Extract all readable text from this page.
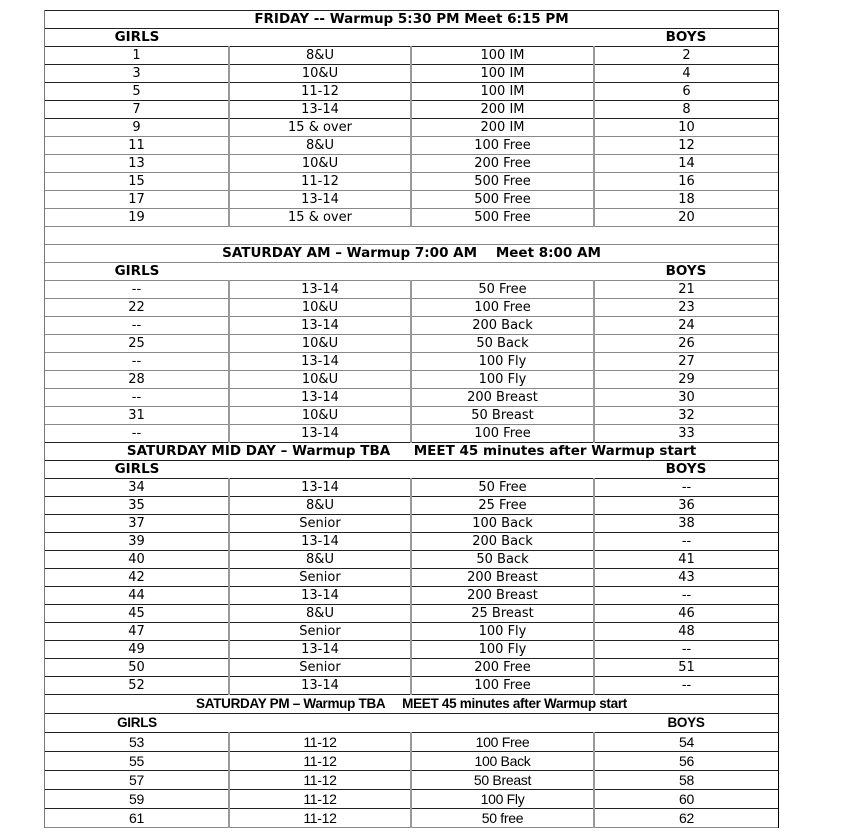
FRIDAY -- Warmup 5:30 PM Meet 6:15 PM			
GIRLS BOYS			
1	8&U	100 IM	2
3	10&U	100 IM	4
5	11-12	100 IM	6
7	13-14	200 IM	8
9	15 & over	200 IM	10
11	8&U	100 Free	12
13	10&U	200 Free	14
15	11-12	500 Free	16
17	13-14	500 Free	18
19	15 & over	500 Free	20

SATURDAY AM – Warmup 7:00 AM    Meet 8:00 AM			
GIRLS BOYS			
--	13-14	50 Free	21
22	10&U	100 Free	23
--	13-14	200 Back	24
25	10&U	50 Back	26
--	13-14	100 Fly	27
28	10&U	100 Fly	29
--	13-14	200 Breast	30
31	10&U	50 Breast	32
--	13-14	100 Free	33
SATURDAY MID DAY – Warmup TBA     MEET 45 minutes after Warmup start			
GIRLS BOYS			
34	13-14	50 Free	--
35	8&U	25 Free	36
37	Senior	100 Back	38
39	13-14	200 Back	--
40	8&U	50 Back	41
42	Senior	200 Breast	43
44	13-14	200 Breast	--
45	8&U	25 Breast	46
47	Senior	100 Fly	48
49	13-14	100 Fly	--
50	Senior	200 Free	51
52	13-14	100 Free	--
SATURDAY PM – Warmup TBA     MEET 45 minutes after Warmup start			
GIRLS BOYS			
53	11-12	100 Free	54
55	11-12	100 Back	56
57	11-12	50 Breast	58
59	11-12	100 Fly	60
61	11-12	50 free	62
